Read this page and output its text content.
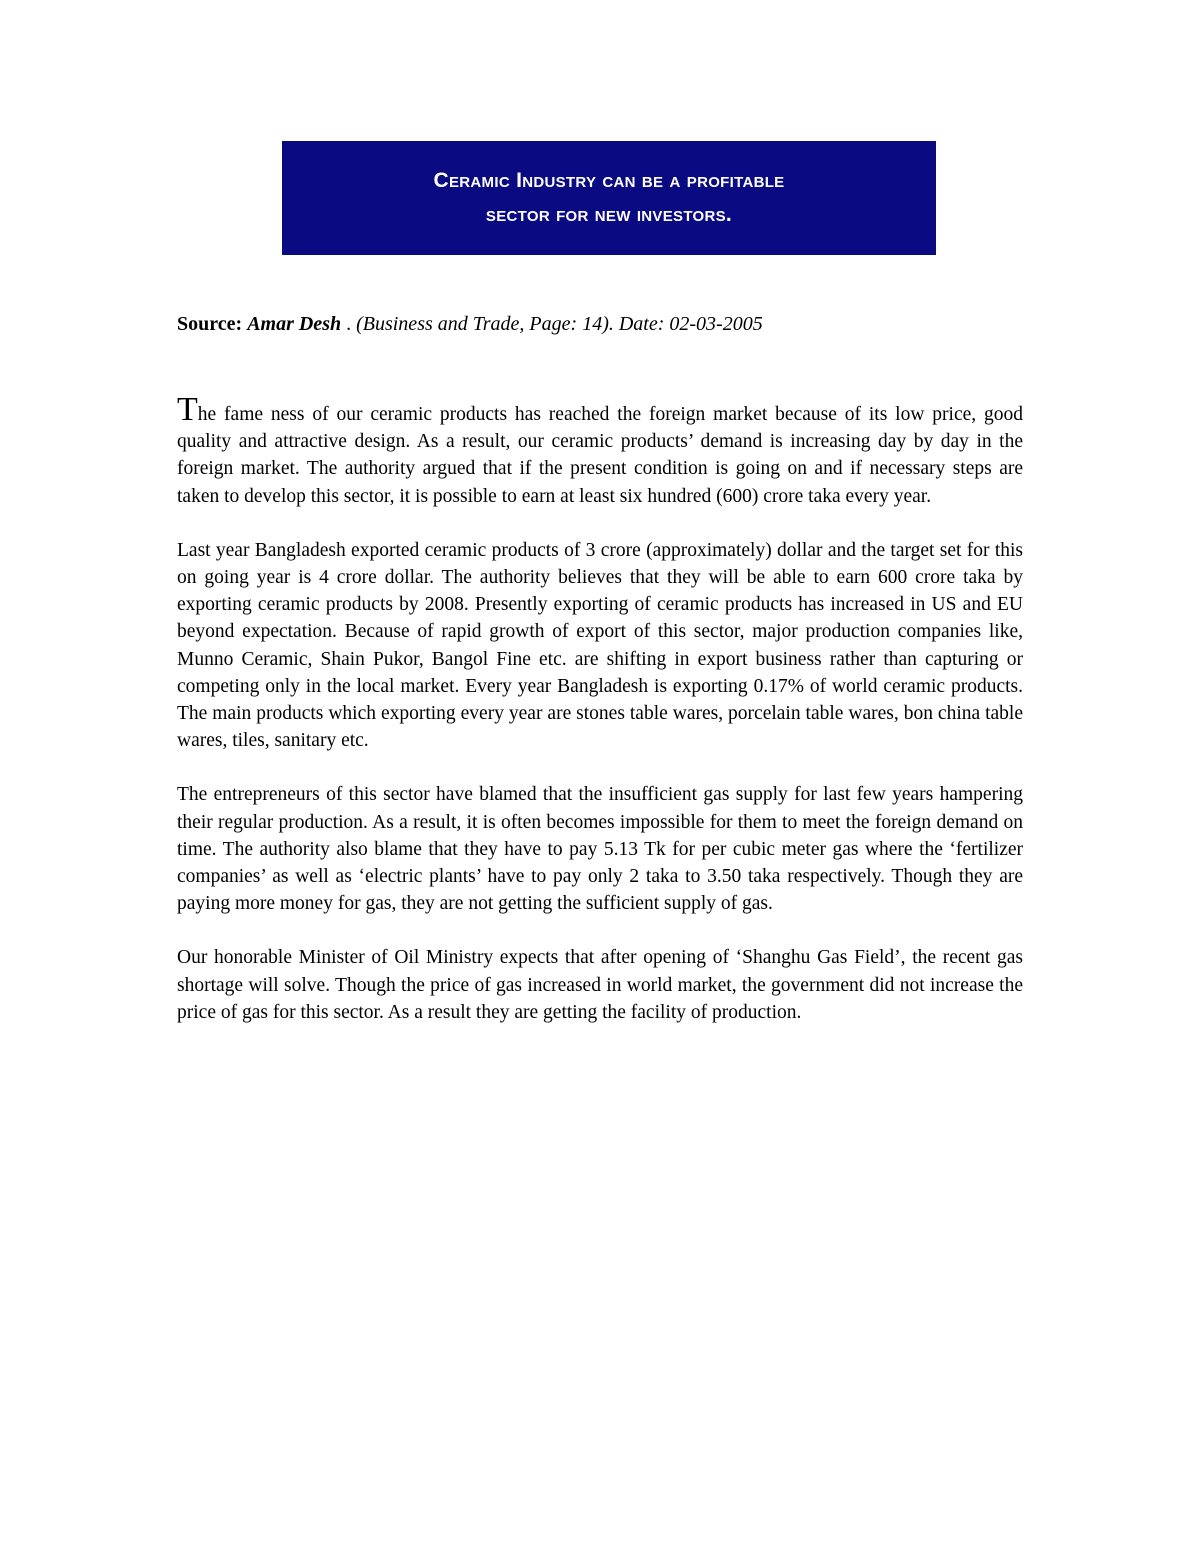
Ceramic Industry can be a profitable
sector for new investors.
Source: Amar Desh . (Business and Trade, Page: 14). Date: 02-03-2005

The fame ness of our ceramic products has reached the foreign market because of its low price, good quality and attractive design. As a result, our ceramic products’ demand is increasing day by day in the foreign market. The authority argued that if the present condition is going on and if necessary steps are taken to develop this sector, it is possible to earn at least six hundred (600) crore taka every year.

Last year Bangladesh exported ceramic products of 3 crore (approximately) dollar and the target set for this on going year is 4 crore dollar. The authority believes that they will be able to earn 600 crore taka by exporting ceramic products by 2008. Presently exporting of ceramic products has increased in US and EU beyond expectation. Because of rapid growth of export of this sector, major production companies like, Munno Ceramic, Shain Pukor, Bangol Fine etc. are shifting in export business rather than capturing or competing only in the local market. Every year Bangladesh is exporting 0.17% of world ceramic products. The main products which exporting every year are stones table wares, porcelain table wares, bon china table wares, tiles, sanitary etc.

The entrepreneurs of this sector have blamed that the insufficient gas supply for last few years hampering their regular production. As a result, it is often becomes impossible for them to meet the foreign demand on time. The authority also blame that they have to pay 5.13 Tk for per cubic meter gas where the ‘fertilizer companies’ as well as ‘electric plants’ have to pay only 2 taka to 3.50 taka respectively. Though they are paying more money for gas, they are not getting the sufficient supply of gas.

Our honorable Minister of Oil Ministry expects that after opening of ‘Shanghu Gas Field’, the recent gas shortage will solve. Though the price of gas increased in world market, the government did not increase the price of gas for this sector. As a result they are getting the facility of production.
